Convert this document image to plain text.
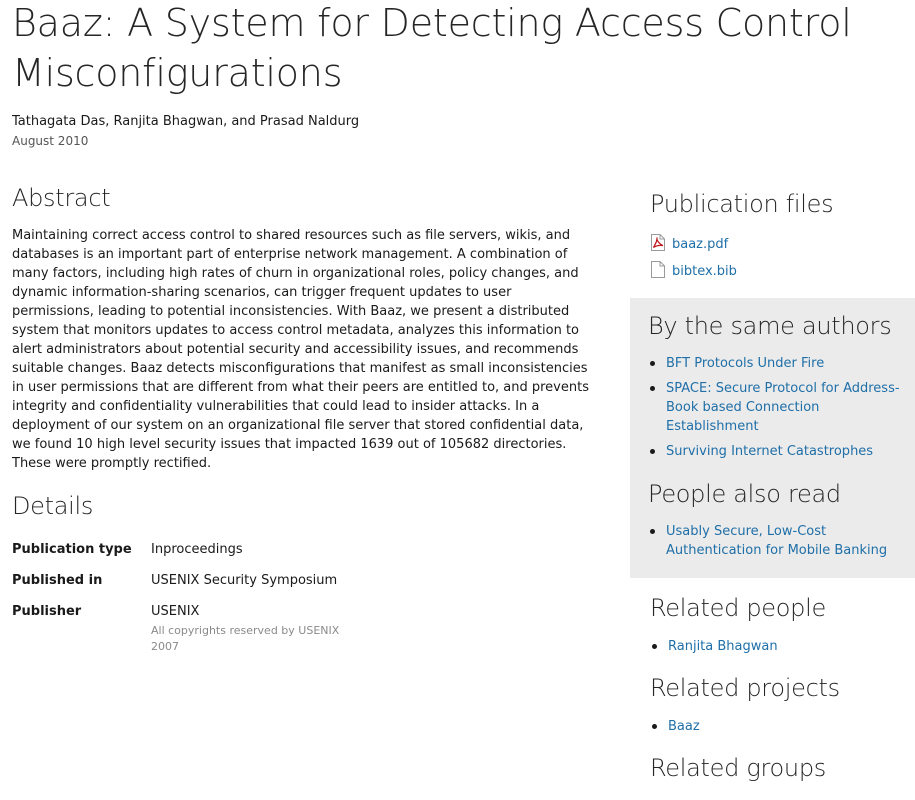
Baaz: A System for Detecting Access Control Misconfigurations
Tathagata Das, Ranjita Bhagwan, and Prasad Naldurg
August 2010
Abstract

Maintaining correct access control to shared resources such as file servers, wikis, and databases is an important part of enterprise network management. A combination of many factors, including high rates of churn in organizational roles, policy changes, and dynamic information-sharing scenarios, can trigger frequent updates to user permissions, leading to potential inconsistencies. With Baaz, we present a distributed system that monitors updates to access control metadata, analyzes this information to alert administrators about potential security and accessibility issues, and recommends suitable changes. Baaz detects misconfigurations that manifest as small inconsistencies in user permissions that are different from what their peers are entitled to, and prevents integrity and confidentiality vulnerabilities that could lead to insider attacks. In a deployment of our system on an organizational file server that stored confidential data, we found 10 high level security issues that impacted 1639 out of 105682 directories. These were promptly rectified.

Details
Publication type Inproceedings
Published in	USENIX Security Symposium
Publisher	USENIX
All copyrights reserved by USENIX 2007
Publication files
baaz.pdf
bibtex.bib
By the same authors
BFT Protocols Under Fire
SPACE: Secure Protocol for Address-Book based Connection Establishment
Surviving Internet Catastrophes
People also read
Usably Secure, Low-Cost Authentication for Mobile Banking
Related people
Ranjita Bhagwan
Related projects
Baaz
Related groups
